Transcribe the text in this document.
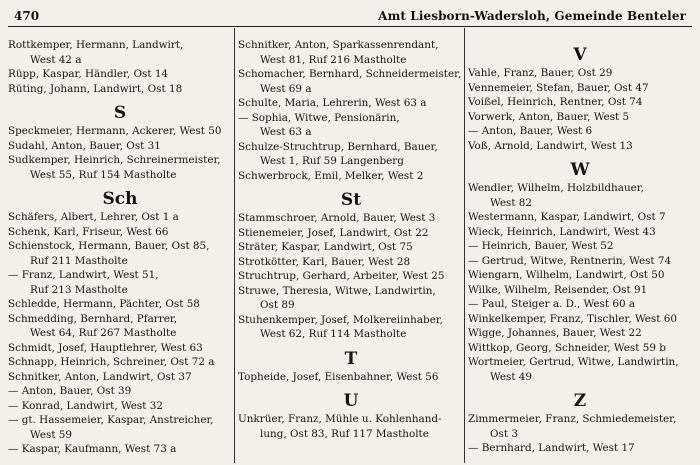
470	Amt Liesborn-Wadersloh, Gemeinde Benteler
Rottkemper, Hermann, Landwirt,
West 42 a
Rüpp, Kaspar, Händler, Ost 14
Rüting, Johann, Landwirt, Ost 18
S
Speckmeier, Hermann, Ackerer, West 50
Sudahl, Anton, Bauer, Ost 31
Sudkemper, Heinrich, Schreinermeister,
West 55, Ruf 154 Mastholte
Sch
Schäfers, Albert, Lehrer, Ost 1 a
Schenk, Karl, Friseur, West 66
Schienstock, Hermann, Bauer, Ost 85,
Ruf 211 Mastholte
— Franz, Landwirt, West 51,
Ruf 213 Mastholte
Schledde, Hermann, Pächter, Ost 58
Schmedding, Bernhard, Pfarrer,
West 64, Ruf 267 Mastholte
Schmidt, Josef, Hauptlehrer, West 63
Schnapp, Heinrich, Schreiner, Ost 72 a
Schnitker, Anton, Landwirt, Ost 37
— Anton, Bauer, Ost 39
— Konrad, Landwirt, West 32
— gt. Hassemeier, Kaspar, Anstreicher,
West 59
— Kaspar, Kaufmann, West 73 a
Schnitker, Anton, Sparkassenrendant,
West 81, Ruf 216 Mastholte
Schomacher, Bernhard, Schneidermeister,
West 69 a
Schulte, Maria, Lehrerin, West 63 a
— Sophia, Witwe, Pensionärin,
West 63 a
Schulze-Struchtrup, Bernhard, Bauer,
West 1, Ruf 59 Langenberg
Schwerbrock, Emil, Melker, West 2
St
Stammschroer, Arnold, Bauer, West 3
Stienemeier, Josef, Landwirt, Ost 22
Sträter, Kaspar, Landwirt, Ost 75
Strotkötter, Karl, Bauer, West 28
Struchtrup, Gerhard, Arbeiter, West 25
Struwe, Theresia, Witwe, Landwirtin,
Ost 89
Stuhenkemper, Josef, Molkereiinhaber,
West 62, Ruf 114 Mastholte
T
Topheide, Josef, Eisenbahner, West 56
U
Unkrüer, Franz, Mühle u. Kohlenhand-
lung, Ost 83, Ruf 117 Mastholte
V
Vahle, Franz, Bauer, Ost 29
Vennemeier, Stefan, Bauer, Ost 47
Voißel, Heinrich, Rentner, Ost 74
Vorwerk, Anton, Bauer, West 5
— Anton, Bauer, West 6
Voß, Arnold, Landwirt, West 13
W
Wendler, Wilhelm, Holzbildhauer,
West 82
Westermann, Kaspar, Landwirt, Ost 7
Wieck, Heinrich, Landwirt, West 43
— Heinrich, Bauer, West 52
— Gertrud, Witwe, Rentnerin, West 74
Wiengarn, Wilhelm, Landwirt, Ost 50
Wilke, Wilhelm, Reisender, Ost 91
— Paul, Steiger a. D., West 60 a
Winkelkemper, Franz, Tischler, West 60
Wigge, Johannes, Bauer, West 22
Wittkop, Georg, Schneider, West 59 b
Wortmeier, Gertrud, Witwe, Landwirtin,
West 49
Z
Zimmermeier, Franz, Schmiedemeister,
Ost 3
— Bernhard, Landwirt, West 17
